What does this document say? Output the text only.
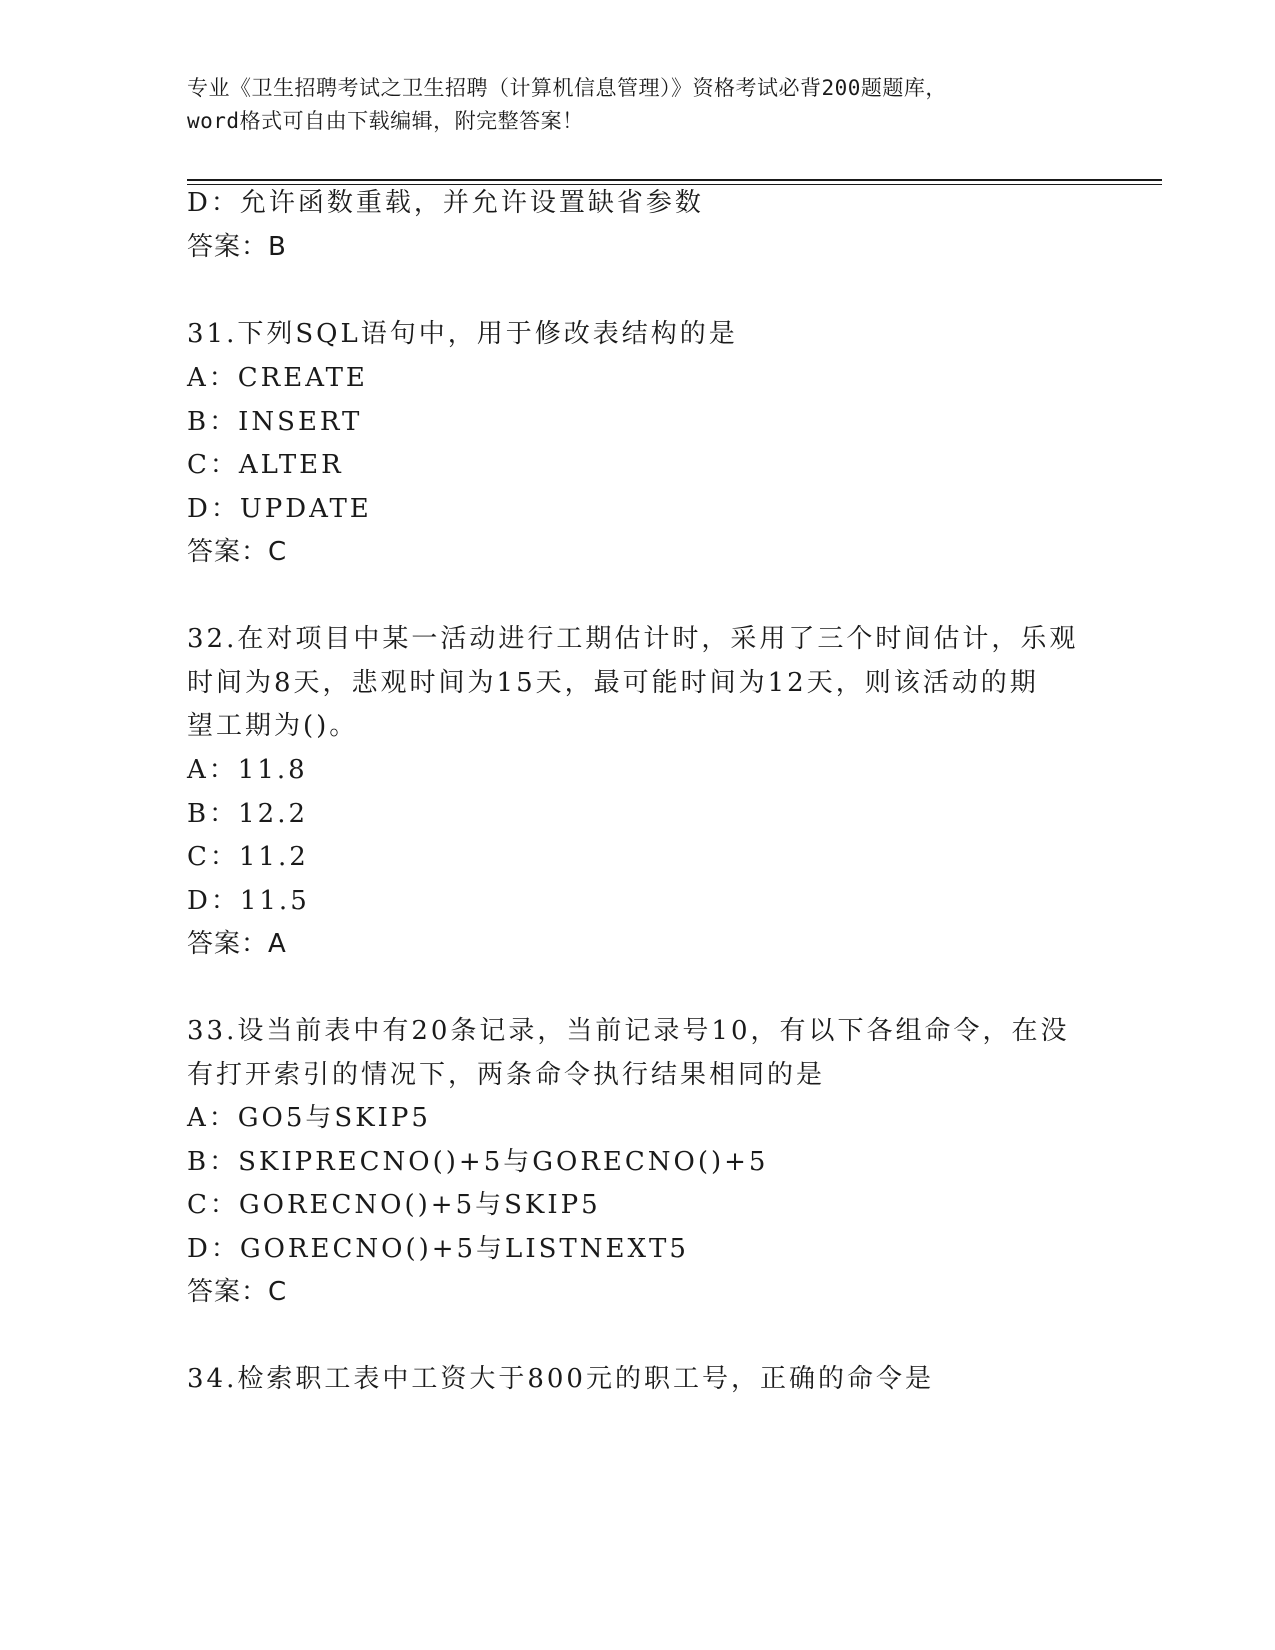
专业《卫生招聘考试之卫生招聘（计算机信息管理）》资格考试必背200题题库，
word格式可自由下载编辑，附完整答案！
D：允许函数重载，并允许设置缺省参数
答案：B
31.下列SQL语句中，用于修改表结构的是
A：CREATE
B：INSERT
C：ALTER
D：UPDATE
答案：C
32.在对项目中某一活动进行工期估计时，采用了三个时间估计，乐观
时间为8天，悲观时间为15天，最可能时间为12天，则该活动的期
望工期为()。
A：11.8
B：12.2
C：11.2
D：11.5
答案：A
33.设当前表中有20条记录，当前记录号10，有以下各组命令，在没
有打开索引的情况下，两条命令执行结果相同的是
A：GO5与SKIP5
B：SKIPRECNO()+5与GORECNO()+5
C：GORECNO()+5与SKIP5
D：GORECNO()+5与LISTNEXT5
答案：C
34.检索职工表中工资大于800元的职工号，正确的命令是
